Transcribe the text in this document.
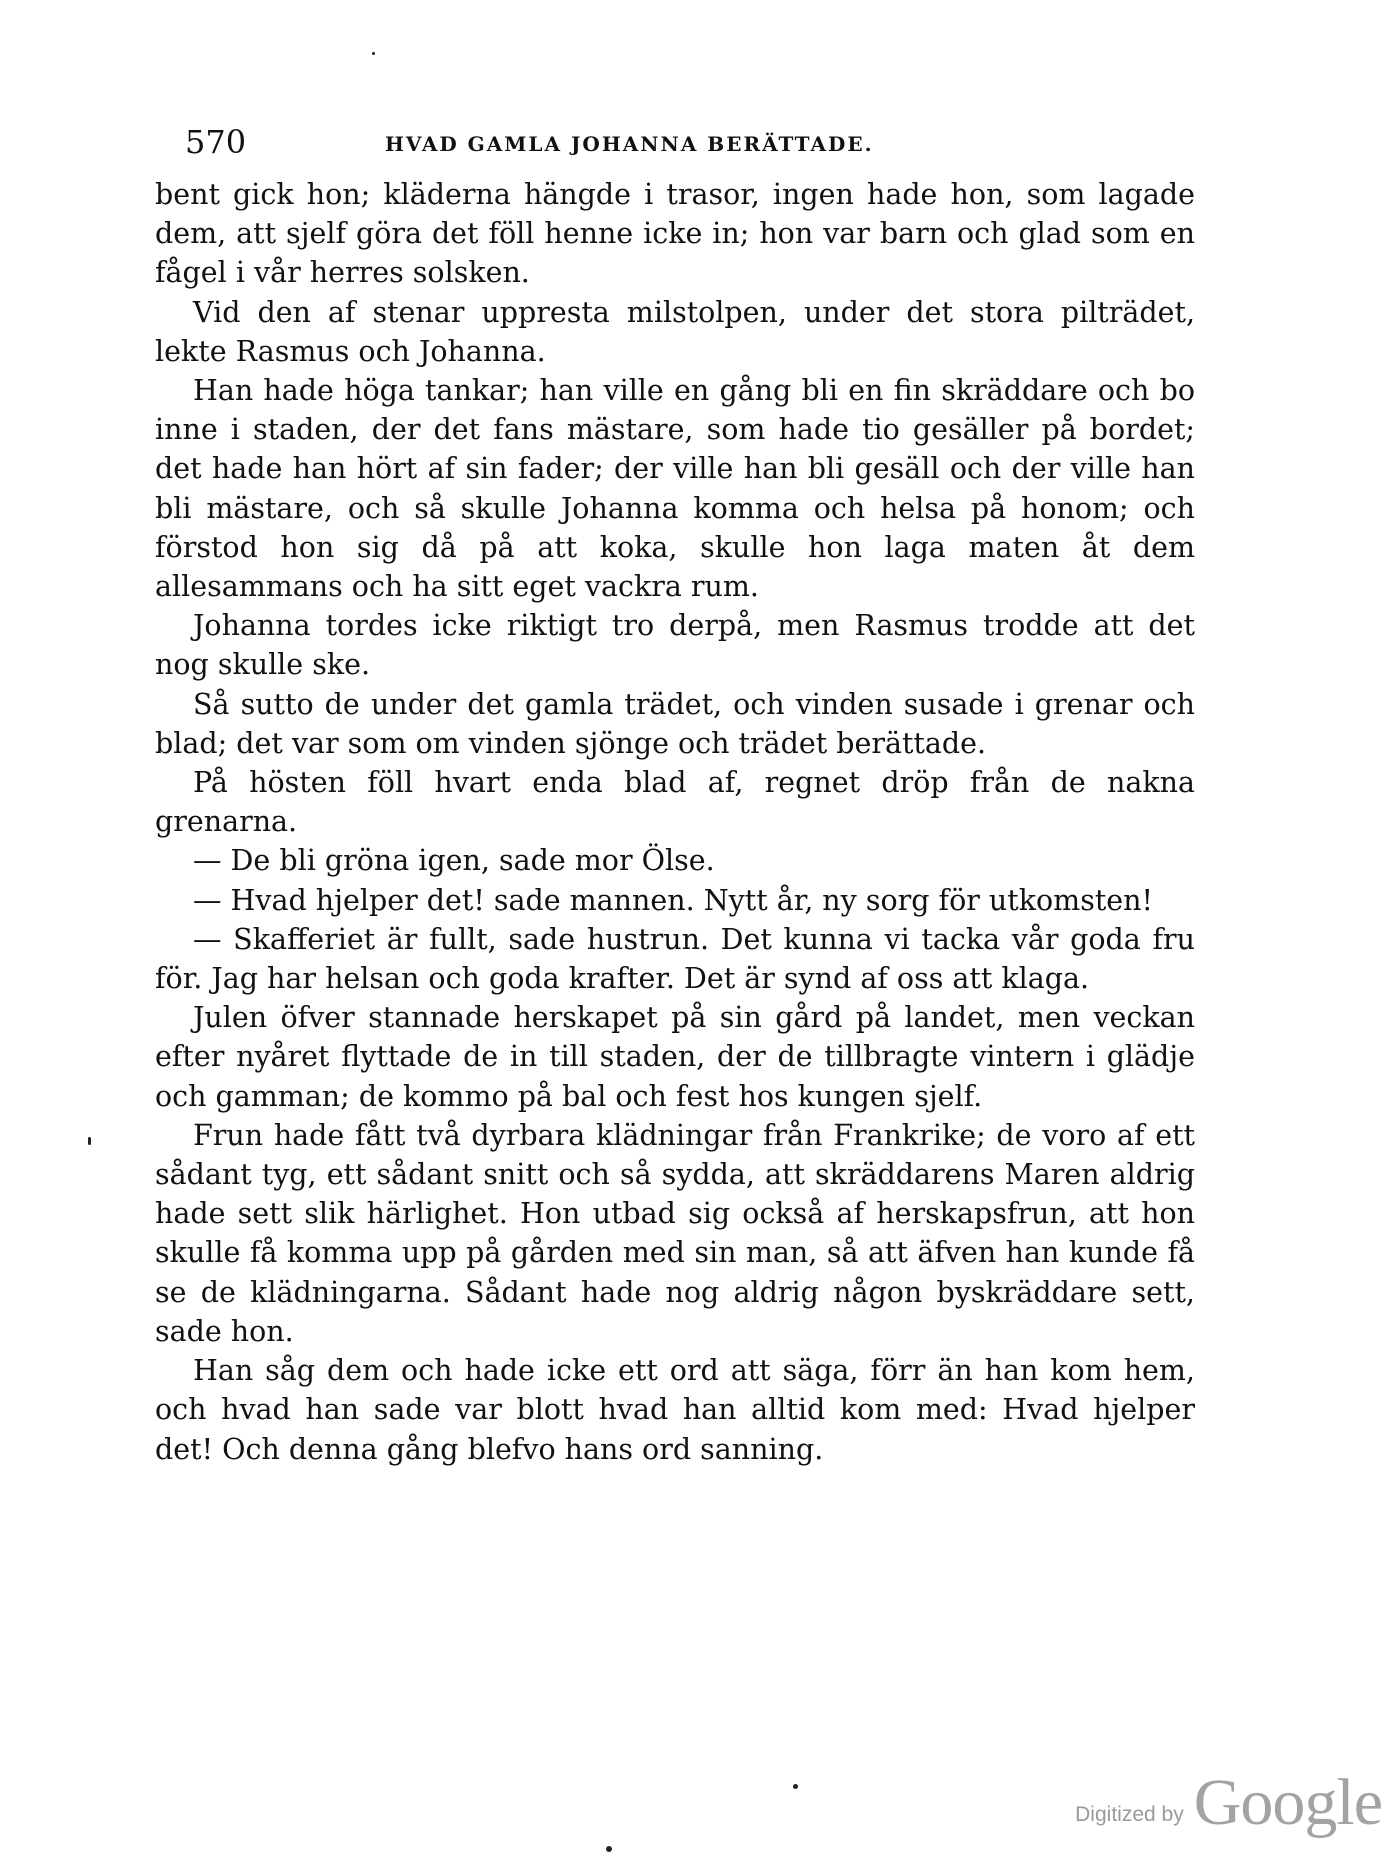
570	HVAD GAMLA JOHANNA BERÄTTADE.

bent gick hon; kläderna hängde i trasor, ingen hade hon, som lagade dem, att sjelf göra det föll henne icke in; hon var barn och glad som en fågel i vår herres solsken.

Vid den af stenar uppresta milstolpen, under det stora pilträdet, lekte Rasmus och Johanna.

Han hade höga tankar; han ville en gång bli en fin skräddare och bo inne i staden, der det fans mästare, som hade tio gesäller på bordet; det hade han hört af sin fader; der ville han bli gesäll och der ville han bli mästare, och så skulle Johanna komma och helsa på honom; och förstod hon sig då på att koka, skulle hon laga maten åt dem allesammans och ha sitt eget vackra rum.

Johanna tordes icke riktigt tro derpå, men Rasmus trodde att det nog skulle ske.

Så sutto de under det gamla trädet, och vinden susade i grenar och blad; det var som om vinden sjönge och trädet berättade.

På hösten föll hvart enda blad af, regnet dröp från de nakna grenarna.

— De bli gröna igen, sade mor Ölse.

— Hvad hjelper det! sade mannen. Nytt år, ny sorg för utkomsten!

— Skafferiet är fullt, sade hustrun. Det kunna vi tacka vår goda fru för. Jag har helsan och goda krafter. Det är synd af oss att klaga.

Julen öfver stannade herskapet på sin gård på landet, men veckan efter nyåret flyttade de in till staden, der de tillbragte vintern i glädje och gamman; de kommo på bal och fest hos kungen sjelf.

Frun hade fått två dyrbara klädningar från Frankrike; de voro af ett sådant tyg, ett sådant snitt och så sydda, att skräddarens Maren aldrig hade sett slik härlighet. Hon utbad sig också af herskapsfrun, att hon skulle få komma upp på gården med sin man, så att äfven han kunde få se de klädningarna. Sådant hade nog aldrig någon byskräddare sett, sade hon.

Han såg dem och hade icke ett ord att säga, förr än han kom hem, och hvad han sade var blott hvad han alltid kom med: Hvad hjelper det! Och denna gång blefvo hans ord sanning.

Digitized by Google
